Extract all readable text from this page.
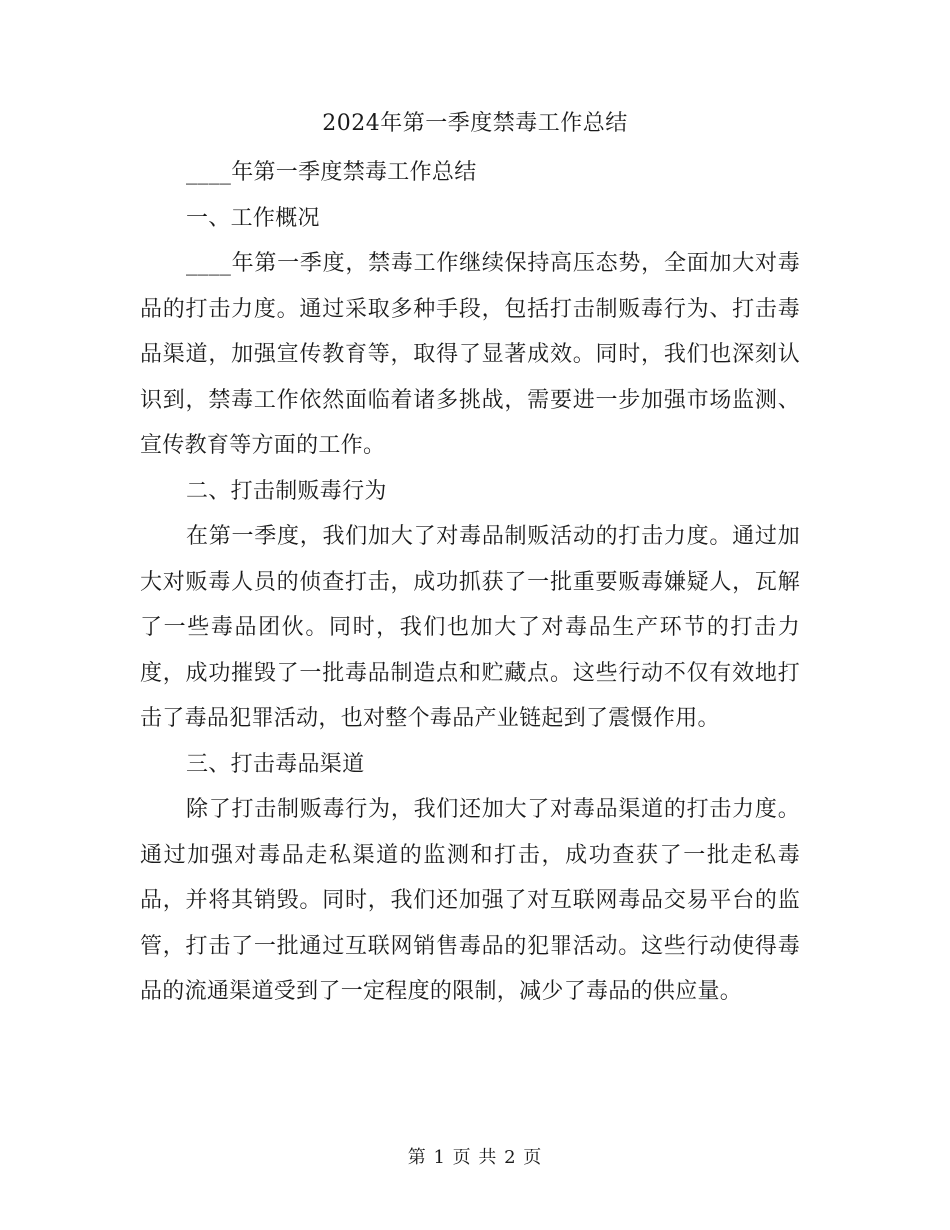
2024年第一季度禁毒工作总结

____年第一季度禁毒工作总结

一、工作概况

____年第一季度，禁毒工作继续保持高压态势，全面加大对毒品的打击力度。通过采取多种手段，包括打击制贩毒行为、打击毒品渠道，加强宣传教育等，取得了显著成效。同时，我们也深刻认识到，禁毒工作依然面临着诸多挑战，需要进一步加强市场监测、宣传教育等方面的工作。

二、打击制贩毒行为

在第一季度，我们加大了对毒品制贩活动的打击力度。通过加大对贩毒人员的侦查打击，成功抓获了一批重要贩毒嫌疑人，瓦解了一些毒品团伙。同时，我们也加大了对毒品生产环节的打击力度，成功摧毁了一批毒品制造点和贮藏点。这些行动不仅有效地打击了毒品犯罪活动，也对整个毒品产业链起到了震慑作用。

三、打击毒品渠道

除了打击制贩毒行为，我们还加大了对毒品渠道的打击力度。通过加强对毒品走私渠道的监测和打击，成功查获了一批走私毒品，并将其销毁。同时，我们还加强了对互联网毒品交易平台的监管，打击了一批通过互联网销售毒品的犯罪活动。这些行动使得毒品的流通渠道受到了一定程度的限制，减少了毒品的供应量。

第 1 页 共 2 页
